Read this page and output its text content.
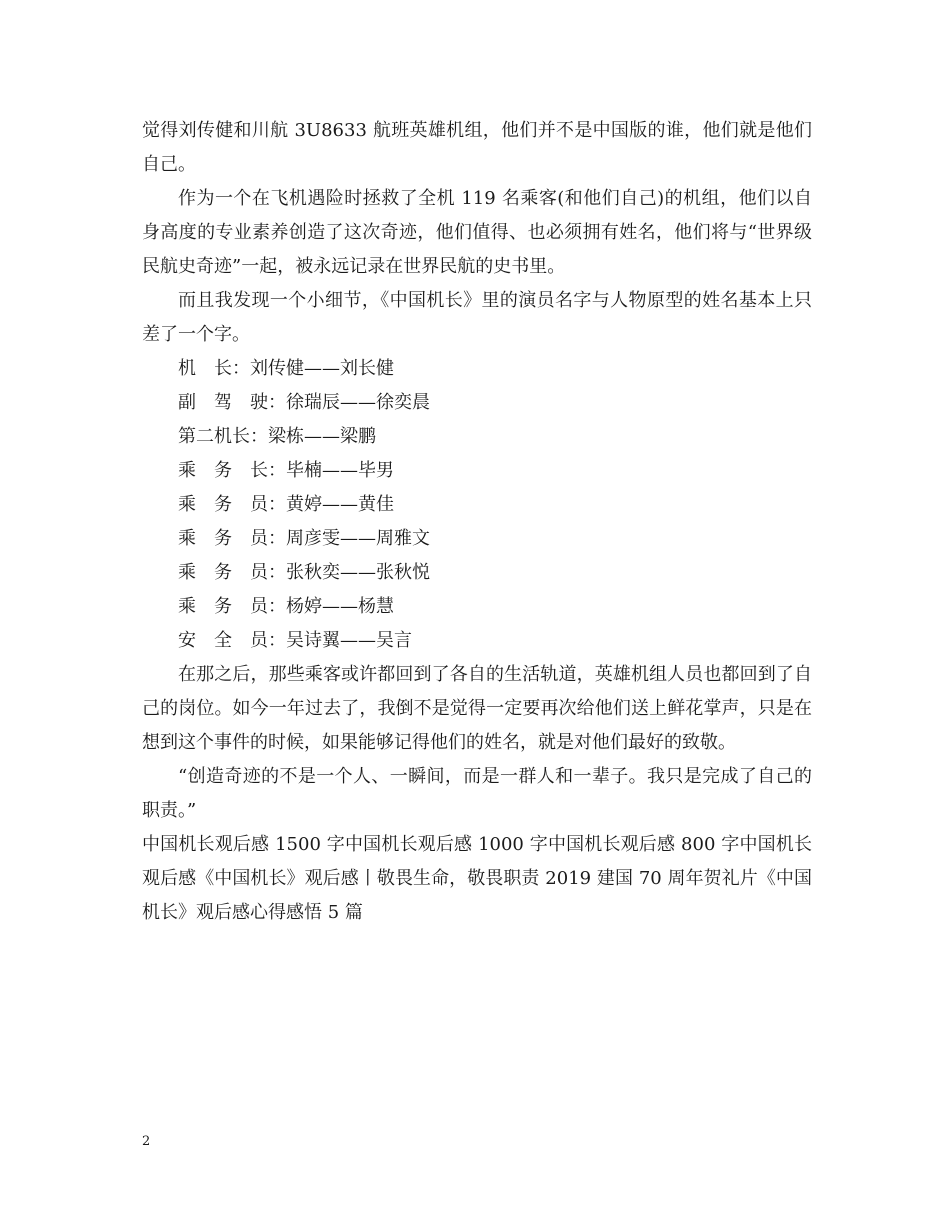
觉得刘传健和川航 3U8633 航班英雄机组，他们并不是中国版的谁，他们就是他们自己。

作为一个在飞机遇险时拯救了全机 119 名乘客(和他们自己)的机组，他们以自身高度的专业素养创造了这次奇迹，他们值得、也必须拥有姓名，他们将与“世界级民航史奇迹”一起，被永远记录在世界民航的史书里。

而且我发现一个小细节，《中国机长》里的演员名字与人物原型的姓名基本上只差了一个字。

机　长：刘传健——刘长健
副　驾　驶：徐瑞辰——徐奕晨
第二机长：梁栋——梁鹏
乘　务　长：毕楠——毕男
乘　务　员：黄婷——黄佳
乘　务　员：周彦雯——周雅文
乘　务　员：张秋奕——张秋悦
乘　务　员：杨婷——杨慧
安　全　员：吴诗翼——吴言

在那之后，那些乘客或许都回到了各自的生活轨道，英雄机组人员也都回到了自己的岗位。如今一年过去了，我倒不是觉得一定要再次给他们送上鲜花掌声，只是在想到这个事件的时候，如果能够记得他们的姓名，就是对他们最好的致敬。

“创造奇迹的不是一个人、一瞬间，而是一群人和一辈子。我只是完成了自己的职责。”

中国机长观后感 1500 字中国机长观后感 1000 字中国机长观后感 800 字中国机长观后感《中国机长》观后感丨敬畏生命，敬畏职责 2019 建国 70 周年贺礼片《中国机长》观后感心得感悟 5 篇

2
